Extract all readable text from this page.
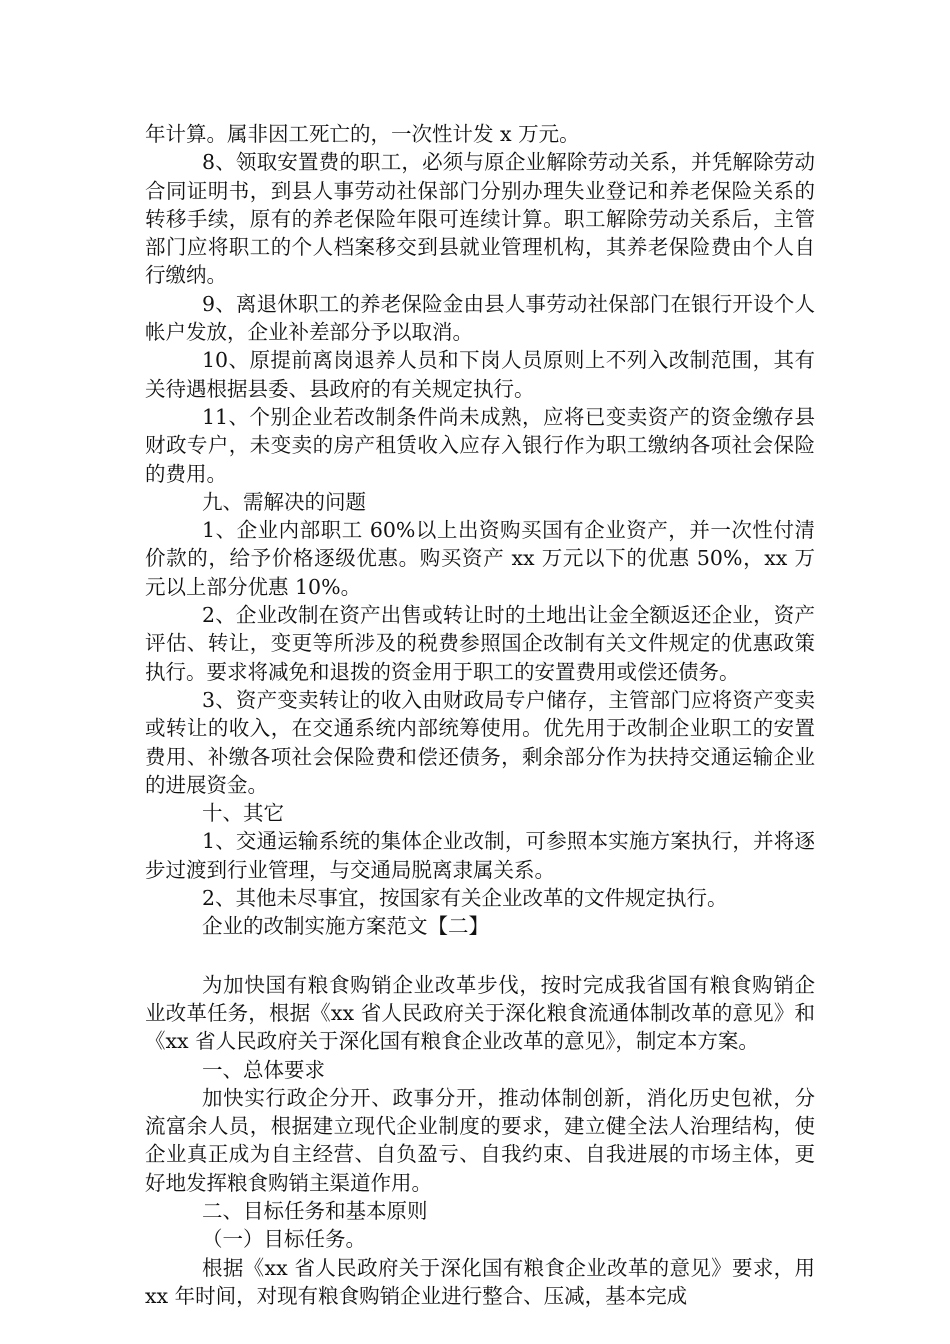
年计算。属非因工死亡的，一次性计发 x 万元。

8、领取安置费的职工，必须与原企业解除劳动关系，并凭解除劳动合同证明书，到县人事劳动社保部门分别办理失业登记和养老保险关系的转移手续，原有的养老保险年限可连续计算。职工解除劳动关系后，主管部门应将职工的个人档案移交到县就业管理机构，其养老保险费由个人自行缴纳。

9、离退休职工的养老保险金由县人事劳动社保部门在银行开设个人帐户发放，企业补差部分予以取消。

10、原提前离岗退养人员和下岗人员原则上不列入改制范围，其有关待遇根据县委、县政府的有关规定执行。

11、个别企业若改制条件尚未成熟，应将已变卖资产的资金缴存县财政专户，未变卖的房产租赁收入应存入银行作为职工缴纳各项社会保险的费用。

九、需解决的问题

1、企业内部职工 60%以上出资购买国有企业资产，并一次性付清价款的，给予价格逐级优惠。购买资产 xx 万元以下的优惠 50%，xx 万元以上部分优惠 10%。

2、企业改制在资产出售或转让时的土地出让金全额返还企业，资产评估、转让，变更等所涉及的税费参照国企改制有关文件规定的优惠政策执行。要求将减免和退拨的资金用于职工的安置费用或偿还债务。

3、资产变卖转让的收入由财政局专户储存，主管部门应将资产变卖或转让的收入，在交通系统内部统筹使用。优先用于改制企业职工的安置费用、补缴各项社会保险费和偿还债务，剩余部分作为扶持交通运输企业的进展资金。

十、其它

1、交通运输系统的集体企业改制，可参照本实施方案执行，并将逐步过渡到行业管理，与交通局脱离隶属关系。

2、其他未尽事宜，按国家有关企业改革的文件规定执行。

企业的改制实施方案范文【二】

为加快国有粮食购销企业改革步伐，按时完成我省国有粮食购销企业改革任务，根据《xx 省人民政府关于深化粮食流通体制改革的意见》和《xx 省人民政府关于深化国有粮食企业改革的意见》，制定本方案。

一、总体要求

加快实行政企分开、政事分开，推动体制创新，消化历史包袱，分流富余人员，根据建立现代企业制度的要求，建立健全法人治理结构，使企业真正成为自主经营、自负盈亏、自我约束、自我进展的市场主体，更好地发挥粮食购销主渠道作用。

二、目标任务和基本原则

（一）目标任务。

根据《xx 省人民政府关于深化国有粮食企业改革的意见》要求，用 xx 年时间，对现有粮食购销企业进行整合、压减，基本完成
